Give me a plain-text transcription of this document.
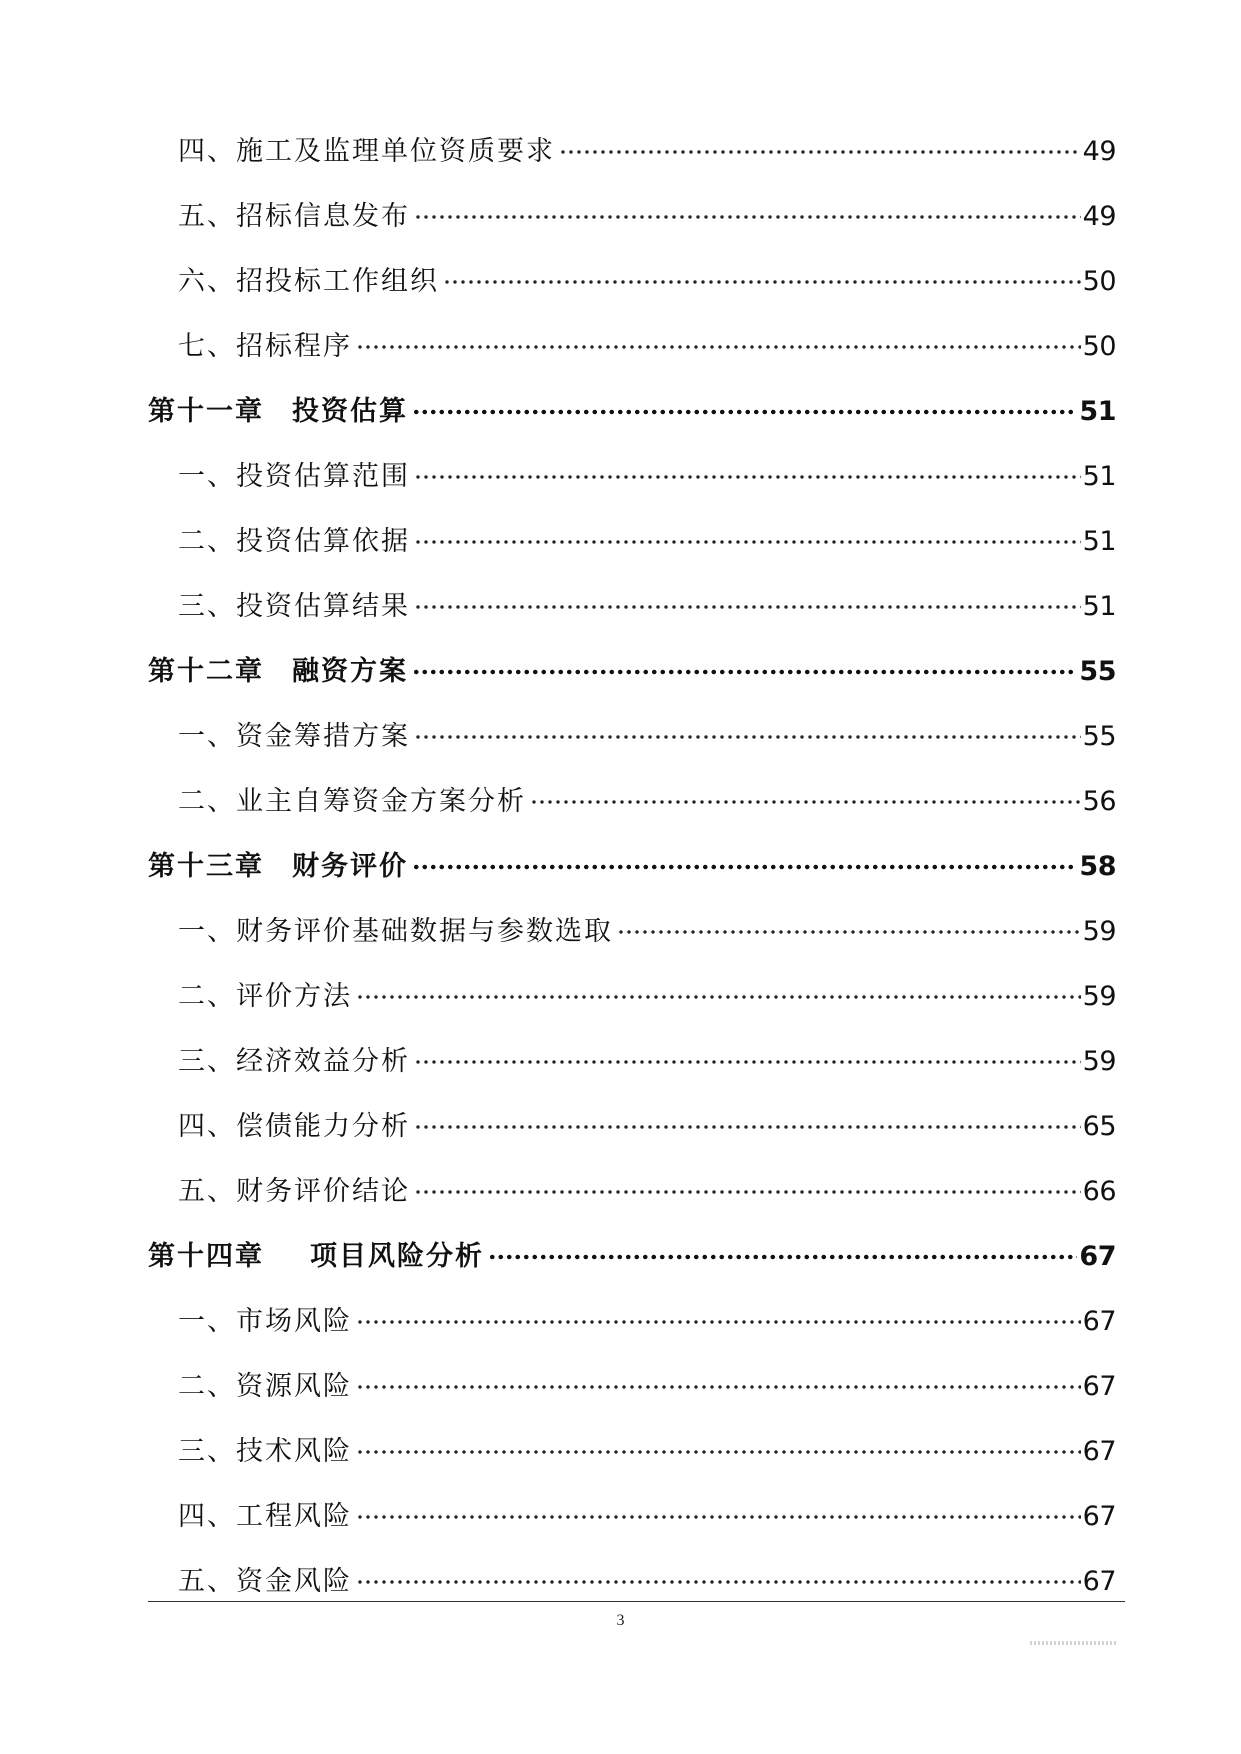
四、施工及监理单位资质要求	49
五、招标信息发布	49
六、招投标工作组织	50
七、招标程序	50
第十一章 投资估算	51
一、投资估算范围	51
二、投资估算依据	51
三、投资估算结果	51
第十二章 融资方案	55
一、资金筹措方案	55
二、业主自筹资金方案分析	56
第十三章 财务评价	58
一、财务评价基础数据与参数选取	59
二、评价方法	59
三、经济效益分析	59
四、偿债能力分析	65
五、财务评价结论	66
第十四章 项目风险分析	67
一、市场风险	67
二、资源风险	67
三、技术风险	67
四、工程风险	67
五、资金风险	67
3
